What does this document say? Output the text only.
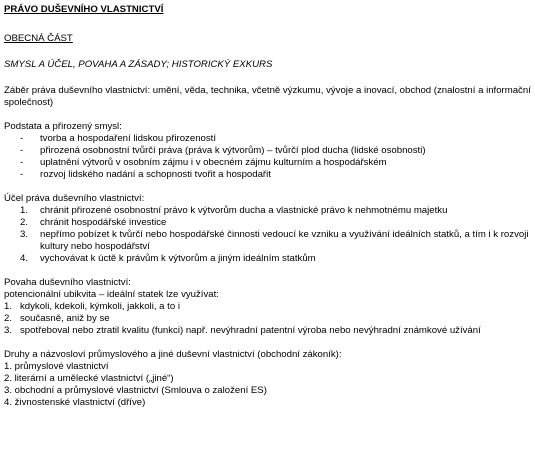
PRÁVO DUŠEVNÍHO VLASTNICTVÍ

OBECNÁ ČÁST

SMYSL A ÚČEL, POVAHA A ZÁSADY; HISTORICKÝ EXKURS

Záběr práva duševního vlastnictví: umění, věda, technika, včetně výzkumu, vývoje a inovací, obchod (znalostní a informační společnost)

Podstata a přirozený smysl:

- tvorba a hospodaření lidskou přirozeností
- přirozená osobnostní tvůrčí práva (práva k výtvorům) – tvůrčí plod ducha (lidské osobnosti)
- uplatnění výtvorů v osobním zájmu i v obecném zájmu kulturním a hospodářském
- rozvoj lidského nadání a schopnosti tvořit a hospodařit

Účel práva duševního vlastnictví:

1. chránit přirozené osobnostní právo k výtvorům ducha a vlastnické právo k nehmotnému majetku
2. chránit hospodářské investice
3. nepřímo pobízet k tvůrčí nebo hospodářské činnosti vedoucí ke vzniku a využívání ideálních statků, a tím i k rozvoji kultury nebo hospodářství
4. vychovávat k úctě k právům k výtvorům a jiným ideálním statkům

Povaha duševního vlastnictví:

potencionální ubikvita – ideální statek lze využívat:

1. kdykoli, kdekoli, kýmkoli, jakkoli, a to i
2. současně, aniž by se
3. spotřeboval nebo ztratil kvalitu (funkci) např. nevýhradní patentní výroba nebo nevýhradní známkové užívání

Druhy a názvosloví průmyslového a jiné duševní vlastnictví (obchodní zákoník):

1. průmyslové vlastnictví

2. literární a umělecké vlastnictví („jiné“)

3. obchodní a průmyslové vlastnictví (Smlouva o založení ES)

4. živnostenské vlastnictví (dříve)
